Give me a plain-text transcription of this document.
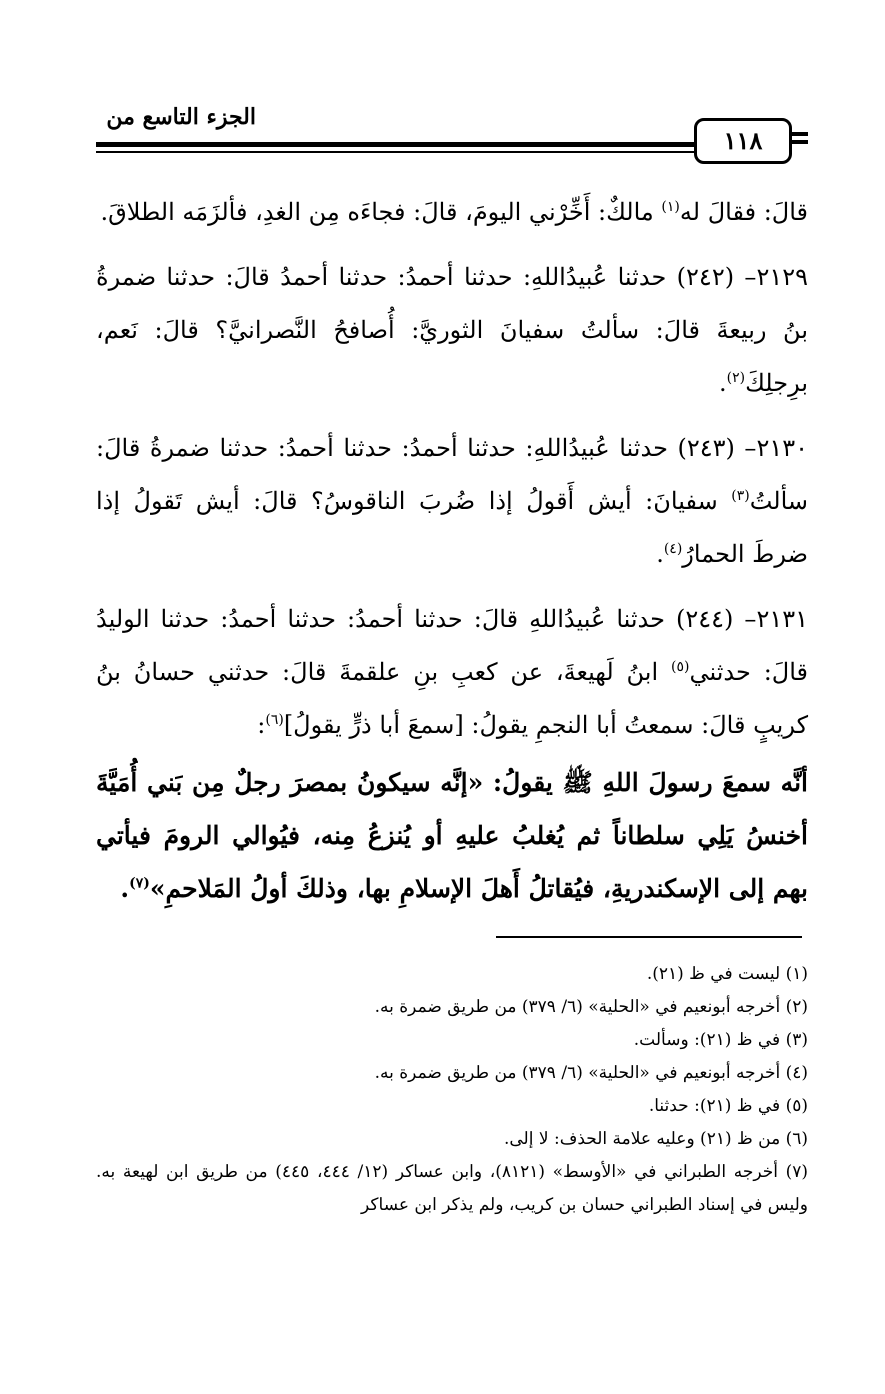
الجزء التاسع من
١١٨

قالَ: فقالَ له$^{(١)}$ مالكٌ: أَخِّرْني اليومَ، قالَ: فجاءَه مِن الغدِ، فألزَمَه الطلاقَ.

٢١٢٩– (٢٤٢) حدثنا عُبيدُاللهِ: حدثنا أحمدُ: حدثنا أحمدُ قالَ: حدثنا ضمرةُ بنُ ربيعةَ قالَ: سألتُ سفيانَ الثوريَّ: أُصافحُ النَّصرانيَّ؟ قالَ: نَعم، برِجلِكَ$^{(٢)}$.

٢١٣٠– (٢٤٣) حدثنا عُبيدُاللهِ: حدثنا أحمدُ: حدثنا أحمدُ: حدثنا ضمرةُ قالَ: سألتُ$^{(٣)}$ سفيانَ: أيش أَقولُ إذا ضُربَ الناقوسُ؟ قالَ: أيش تَقولُ إذا ضرطَ الحمارُ$^{(٤)}$.

٢١٣١– (٢٤٤) حدثنا عُبيدُاللهِ قالَ: حدثنا أحمدُ: حدثنا أحمدُ: حدثنا الوليدُ قالَ: حدثني$^{(٥)}$ ابنُ لَهيعةَ، عن كعبِ بنِ علقمةَ قالَ: حدثني حسانُ بنُ كريبٍ قالَ: سمعتُ أبا النجمِ يقولُ: [سمعَ أبا ذرٍّ يقولُ]$^{(٦)}$:

أنَّه سمعَ رسولَ اللهِ ﷺ يقولُ: «إنَّه سيكونُ بمصرَ رجلٌ مِن بَني أُمَيَّةَ أخنسُ يَلِي سلطاناً ثم يُغلبُ عليهِ أو يُنزعُ مِنه، فيُوالي الرومَ فيأتي بهم إلى الإسكندريةِ، فيُقاتلُ أَهلَ الإسلامِ بها، وذلكَ أولُ المَلاحمِ»$^{(٧)}$.

(١) ليست في ظ (٢١).

(٢) أخرجه أبونعيم في «الحلية» (٦/ ٣٧٩) من طريق ضمرة به.

(٣) في ظ (٢١): وسألت.

(٤) أخرجه أبونعيم في «الحلية» (٦/ ٣٧٩) من طريق ضمرة به.

(٥) في ظ (٢١): حدثنا.

(٦) من ظ (٢١) وعليه علامة الحذف: لا إلى.

(٧) أخرجه الطبراني في «الأوسط» (٨١٢١)، وابن عساكر (١٢/ ٤٤٤، ٤٤٥) من طريق ابن لهيعة به. وليس في إسناد الطبراني حسان بن كريب، ولم يذكر ابن عساكر
